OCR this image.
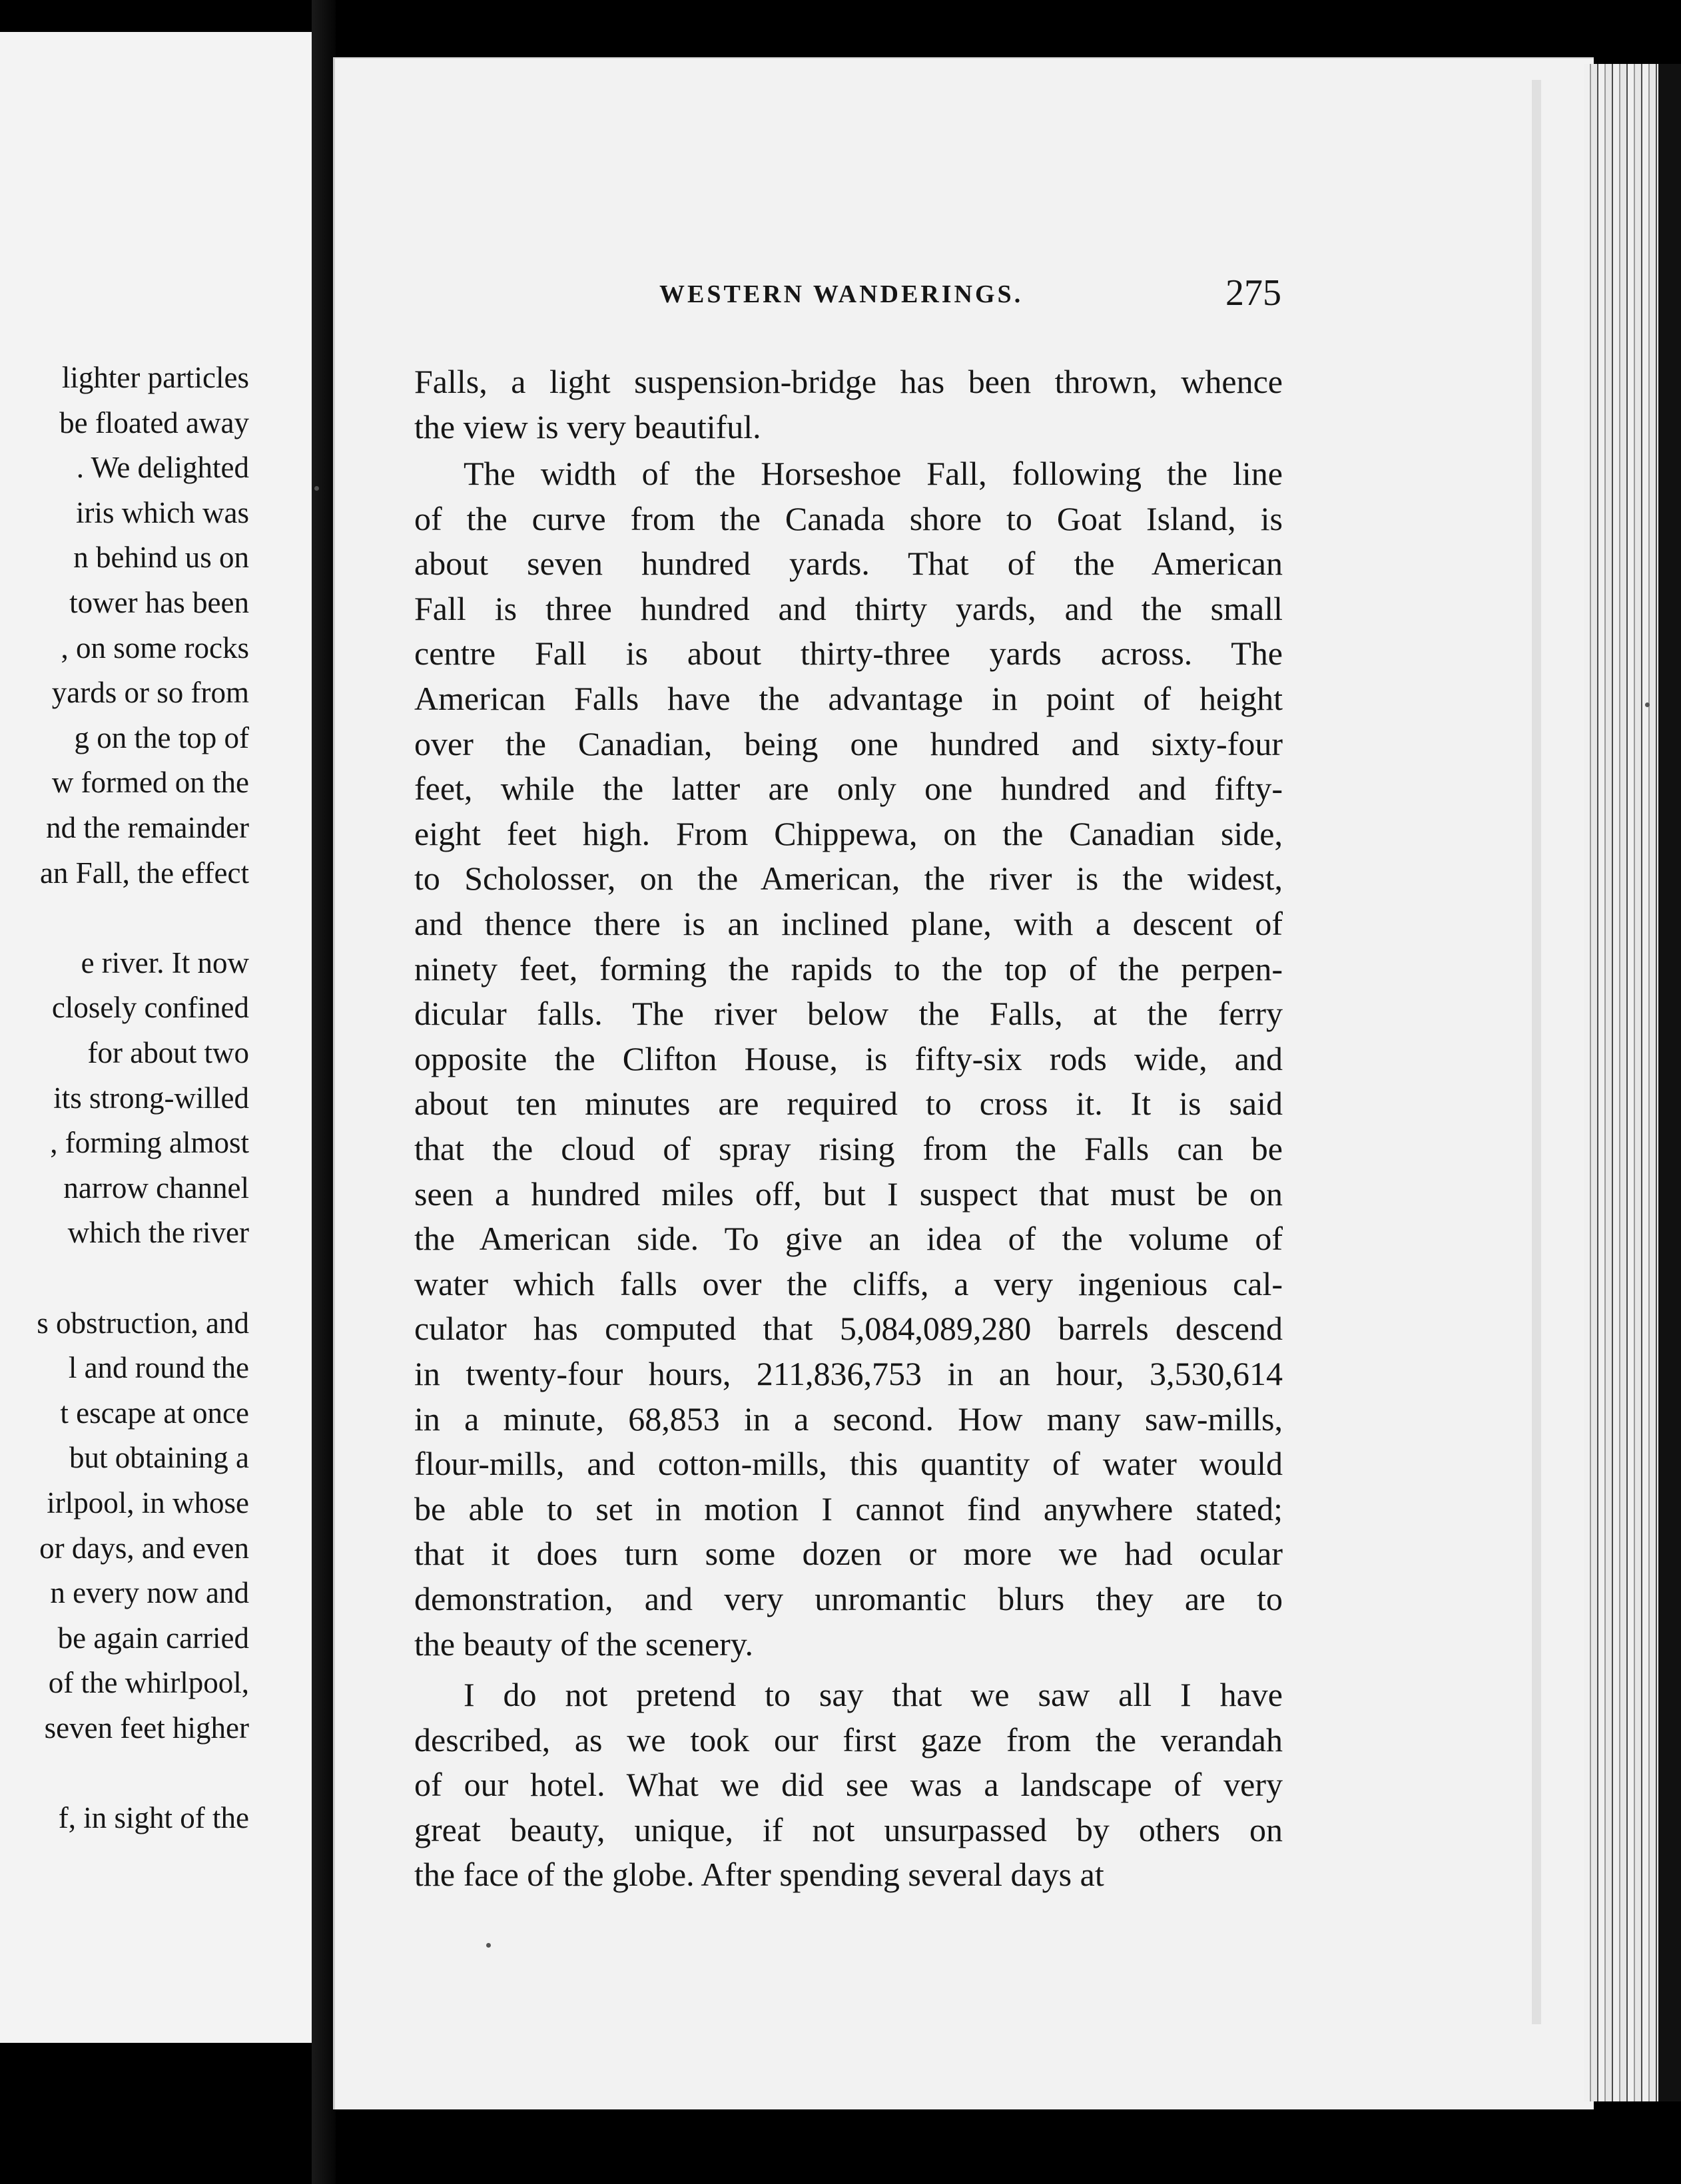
lighter particles
be floated away
. We delighted
iris which was
n behind us on
tower has been
, on some rocks
yards or so from
g on the top of
w formed on the
nd the remainder
an Fall, the effect
e river. It now
closely confined
for about two
its strong-willed
, forming almost
narrow channel
which the river
s obstruction, and
l and round the
t escape at once
but obtaining a
irlpool, in whose
or days, and even
n every now and
be again carried
of the whirlpool,
seven feet higher
f, in sight of the
WESTERN WANDERINGS.	275
Falls, a light suspension-bridge has been thrown, whence
the view is very beautiful.
The width of the Horseshoe Fall, following the line
of the curve from the Canada shore to Goat Island, is
about seven hundred yards. That of the American
Fall is three hundred and thirty yards, and the small
centre Fall is about thirty-three yards across. The
American Falls have the advantage in point of height
over the Canadian, being one hundred and sixty-four
feet, while the latter are only one hundred and fifty-
eight feet high. From Chippewa, on the Canadian side,
to Scholosser, on the American, the river is the widest,
and thence there is an inclined plane, with a descent of
ninety feet, forming the rapids to the top of the perpen-
dicular falls. The river below the Falls, at the ferry
opposite the Clifton House, is fifty-six rods wide, and
about ten minutes are required to cross it. It is said
that the cloud of spray rising from the Falls can be
seen a hundred miles off, but I suspect that must be on
the American side. To give an idea of the volume of
water which falls over the cliffs, a very ingenious cal-
culator has computed that 5,084,089,280 barrels descend
in twenty-four hours, 211,836,753 in an hour, 3,530,614
in a minute, 68,853 in a second. How many saw-mills,
flour-mills, and cotton-mills, this quantity of water would
be able to set in motion I cannot find anywhere stated;
that it does turn some dozen or more we had ocular
demonstration, and very unromantic blurs they are to
the beauty of the scenery.
I do not pretend to say that we saw all I have
described, as we took our first gaze from the verandah
of our hotel. What we did see was a landscape of very
great beauty, unique, if not unsurpassed by others on
the face of the globe. After spending several days at
